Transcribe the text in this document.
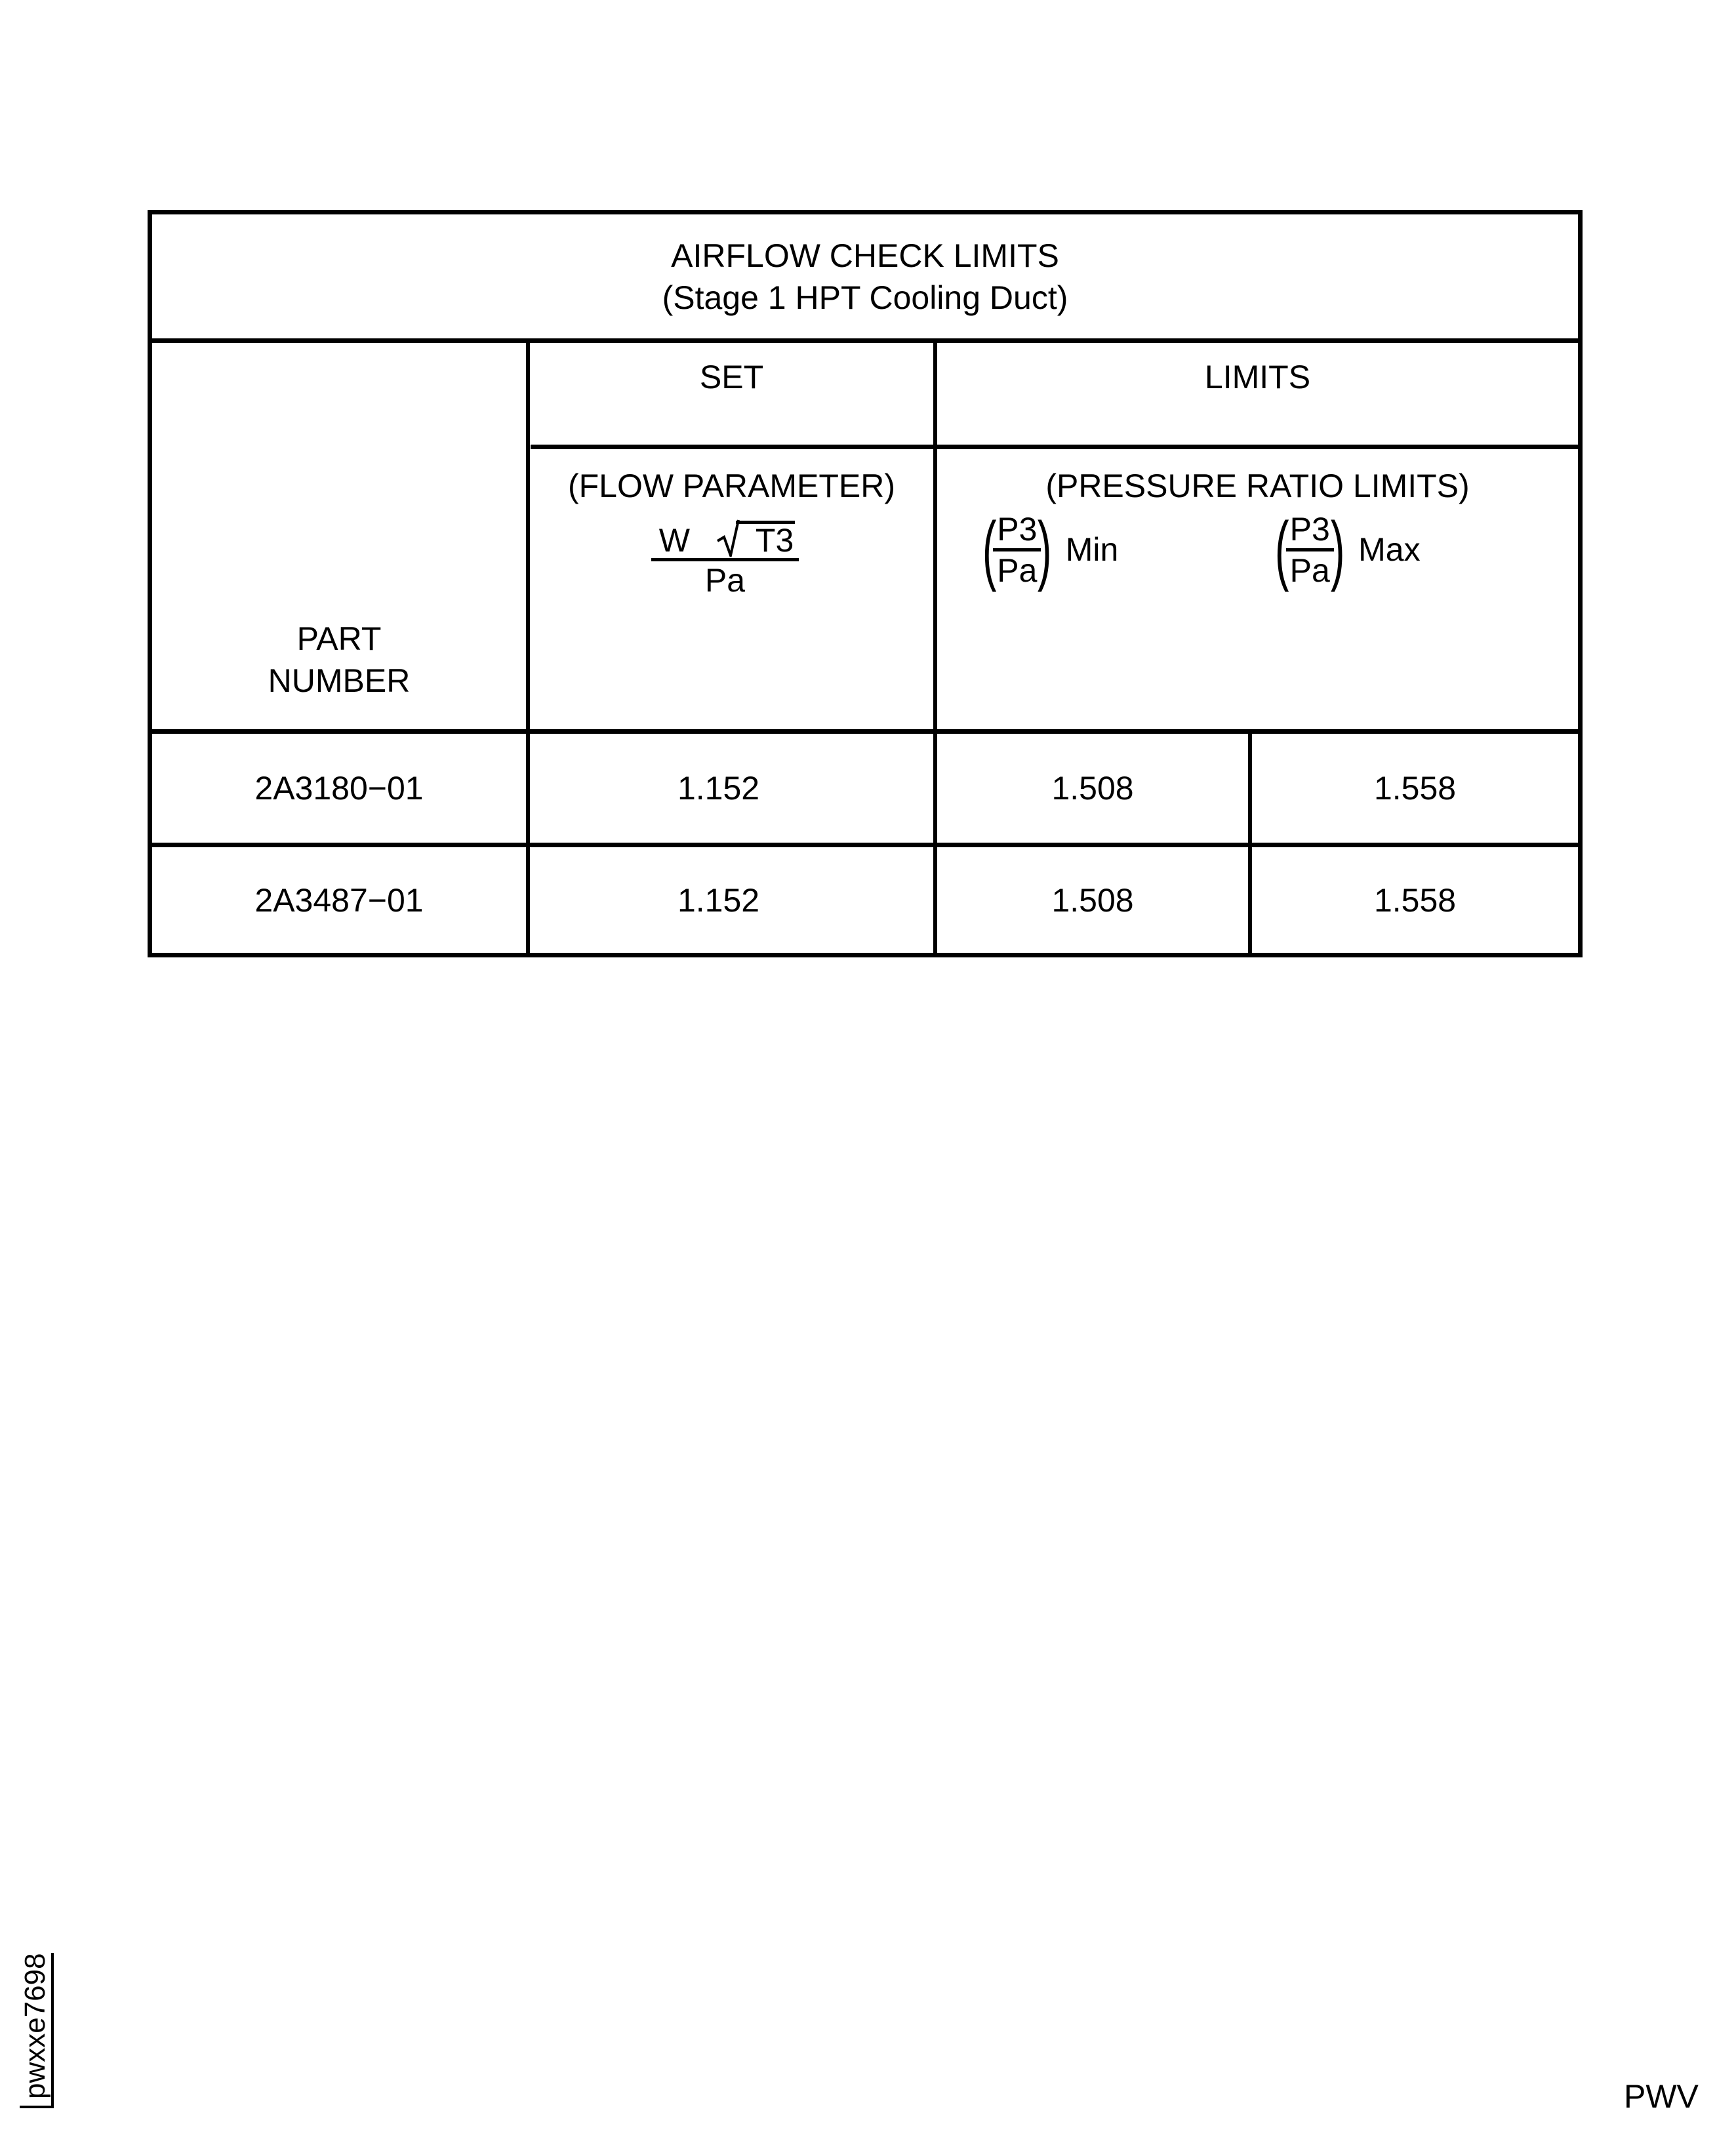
AIRFLOW CHECK LIMITS
(Stage 1 HPT Cooling Duct)
PART
NUMBER
SET	LIMITS
(FLOW PARAMETER)
W	T3
Pa
(PRESSURE RATIO LIMITS)
(
$\frac{P3}{Pa}$
) Min (
$\frac{P3}{Pa}$
) Max
2A3180−01	1.152	1.508	1.558
2A3487−01	1.152	1.508	1.558
pwxxe7698	PWV
